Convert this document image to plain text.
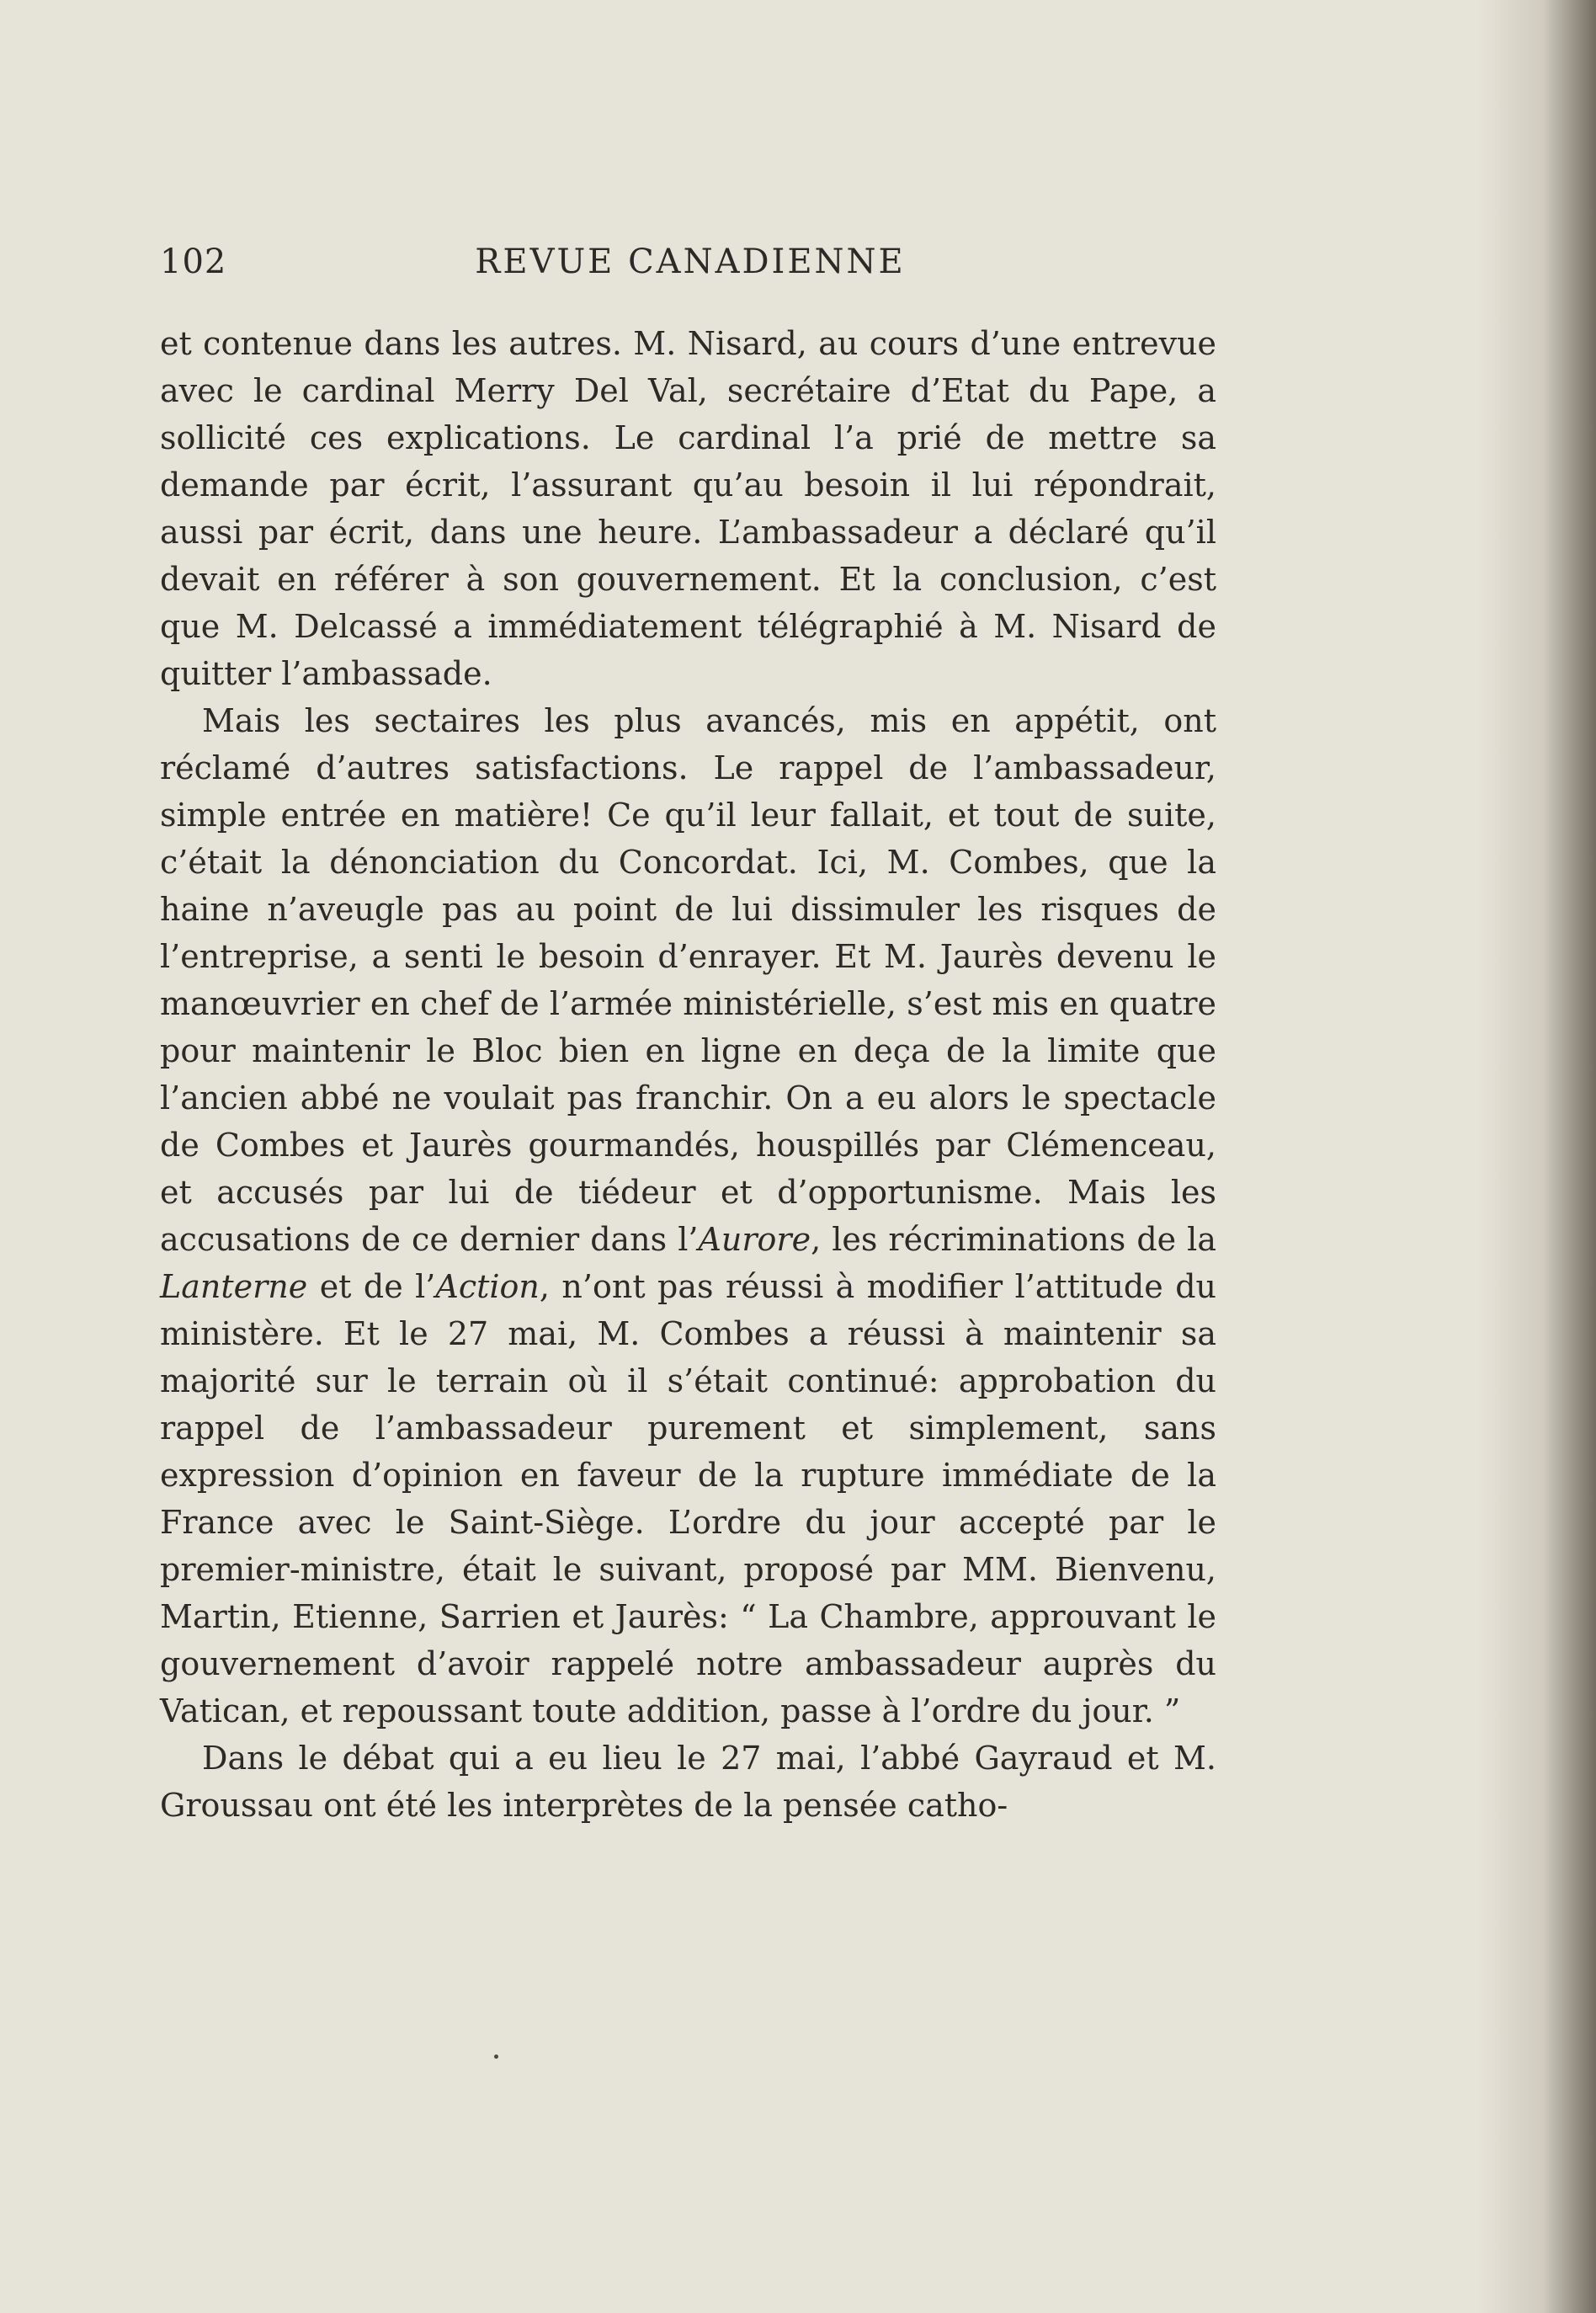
102	REVUE CANADIENNE

et contenue dans les autres. M. Nisard, au cours d’une entrevue avec le cardinal Merry Del Val, secrétaire d’Etat du Pape, a sollicité ces explications. Le cardinal l’a prié de mettre sa demande par écrit, l’assurant qu’au besoin il lui répondrait, aussi par écrit, dans une heure. L’ambassadeur a déclaré qu’il devait en référer à son gouvernement. Et la conclusion, c’est que M. Delcassé a immédiatement télégraphié à M. Nisard de quitter l’ambassade.

Mais les sectaires les plus avancés, mis en appétit, ont réclamé d’autres satisfactions. Le rappel de l’ambassadeur, simple entrée en matière! Ce qu’il leur fallait, et tout de suite, c’était la dénonciation du Concordat. Ici, M. Combes, que la haine n’aveugle pas au point de lui dissimuler les risques de l’entreprise, a senti le besoin d’enrayer. Et M. Jaurès devenu le manœuvrier en chef de l’armée ministérielle, s’est mis en quatre pour maintenir le Bloc bien en ligne en deça de la limite que l’ancien abbé ne voulait pas franchir. On a eu alors le spectacle de Combes et Jaurès gourmandés, houspillés par Clémenceau, et accusés par lui de tiédeur et d’opportunisme. Mais les accusations de ce dernier dans l’Aurore, les récriminations de la Lanterne et de l’Action, n’ont pas réussi à modifier l’attitude du ministère. Et le 27 mai, M. Combes a réussi à maintenir sa majorité sur le terrain où il s’était continué: approbation du rappel de l’ambassadeur purement et simplement, sans expression d’opinion en faveur de la rupture immédiate de la France avec le Saint-Siège. L’ordre du jour accepté par le premier-ministre, était le suivant, proposé par MM. Bienvenu, Martin, Etienne, Sarrien et Jaurès: “ La Chambre, approuvant le gouvernement d’avoir rappelé notre ambassadeur auprès du Vatican, et repoussant toute addition, passe à l’ordre du jour. ”

Dans le débat qui a eu lieu le 27 mai, l’abbé Gayraud et M. Groussau ont été les interprètes de la pensée catho-
